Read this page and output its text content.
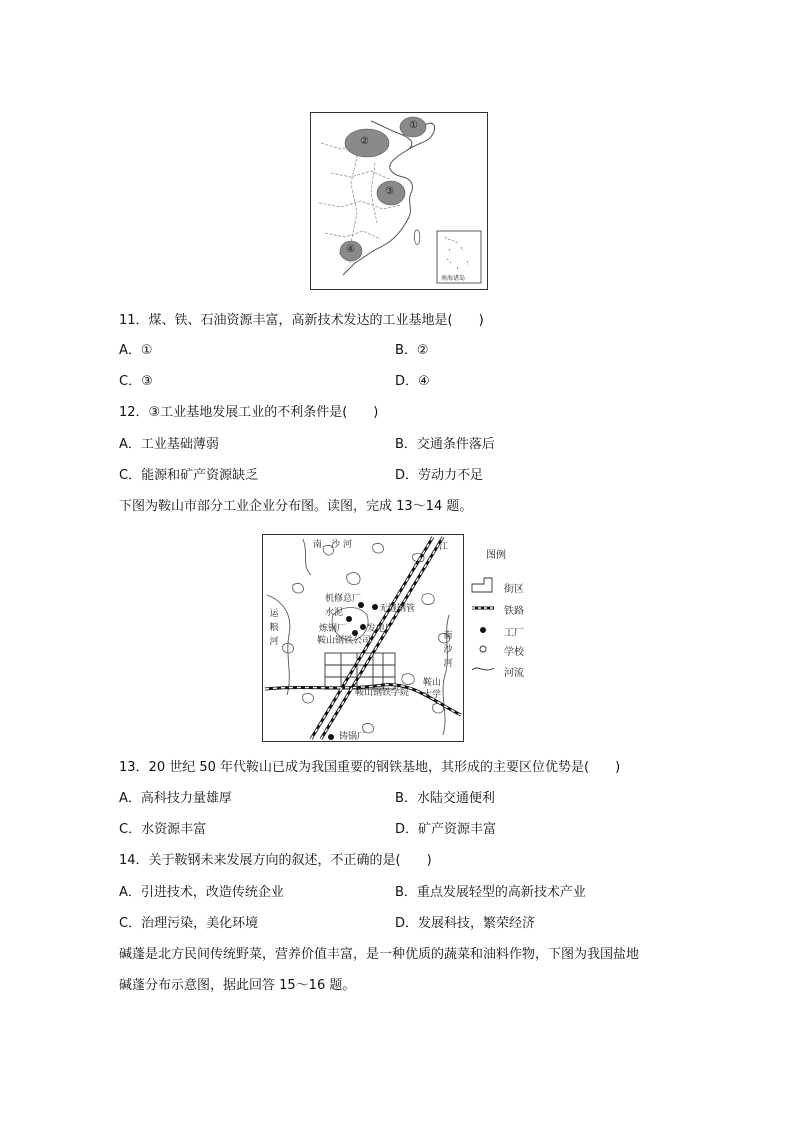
①
②
③
④
南海诸岛
11．煤、铁、石油资源丰富，高新技术发达的工业基地是(　　)
A．①	B．②
C．③	D．④
12．③工业基地发展工业的不利条件是(　　)
A．工业基础薄弱	B．交通条件落后
C．能源和矿产资源缺乏	D．劳动力不足
下图为鞍山市部分工业企业分布图。读图，完成 13～14 题。
南　沙 河
运粮河
南沙河
江
机修总厂
水泥	无缝钢管
炼钢厂 发电厂
鞍山钢铁公司
鞍山钢铁学院
鞍山大学
铸锅厂
图例
街区
铁路
工厂
学校
河流
13．20 世纪 50 年代鞍山已成为我国重要的钢铁基地，其形成的主要区位优势是(　　)
A．高科技力量雄厚	B．水陆交通便利
C．水资源丰富	D．矿产资源丰富
14．关于鞍钢未来发展方向的叙述，不正确的是(　　)
A．引进技术，改造传统企业	B．重点发展轻型的高新技术产业
C．治理污染，美化环境	D．发展科技，繁荣经济
碱蓬是北方民间传统野菜，营养价值丰富，是一种优质的蔬菜和油料作物，下图为我国盐地
碱蓬分布示意图，据此回答 15～16 题。
